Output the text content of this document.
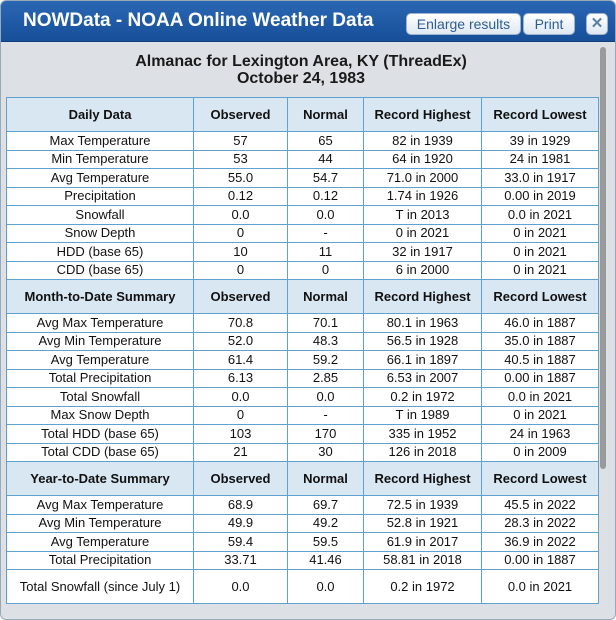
NOWData - NOAA Online Weather Data	Enlarge results	Print	✕
Almanac for Lexington Area, KY (ThreadEx)
October 24, 1983
Daily Data	Observed	Normal	Record Highest	Record Lowest
Max Temperature	57	65	82 in 1939	39 in 1929
Min Temperature	53	44	64 in 1920	24 in 1981
Avg Temperature	55.0	54.7	71.0 in 2000	33.0 in 1917
Precipitation	0.12	0.12	1.74 in 1926	0.00 in 2019
Snowfall	0.0	0.0	T in 2013	0.0 in 2021
Snow Depth	0	-	0 in 2021	0 in 2021
HDD (base 65)	10	11	32 in 1917	0 in 2021
CDD (base 65)	0	0	6 in 2000	0 in 2021
Month-to-Date Summary	Observed	Normal	Record Highest	Record Lowest
Avg Max Temperature	70.8	70.1	80.1 in 1963	46.0 in 1887
Avg Min Temperature	52.0	48.3	56.5 in 1928	35.0 in 1887
Avg Temperature	61.4	59.2	66.1 in 1897	40.5 in 1887
Total Precipitation	6.13	2.85	6.53 in 2007	0.00 in 1887
Total Snowfall	0.0	0.0	0.2 in 1972	0.0 in 2021
Max Snow Depth	0	-	T in 1989	0 in 2021
Total HDD (base 65)	103	170	335 in 1952	24 in 1963
Total CDD (base 65)	21	30	126 in 2018	0 in 2009
Year-to-Date Summary	Observed	Normal	Record Highest	Record Lowest
Avg Max Temperature	68.9	69.7	72.5 in 1939	45.5 in 2022
Avg Min Temperature	49.9	49.2	52.8 in 1921	28.3 in 2022
Avg Temperature	59.4	59.5	61.9 in 2017	36.9 in 2022
Total Precipitation	33.71	41.46	58.81 in 2018	0.00 in 1887
Total Snowfall (since July 1)	0.0	0.0	0.2 in 1972	0.0 in 2021
